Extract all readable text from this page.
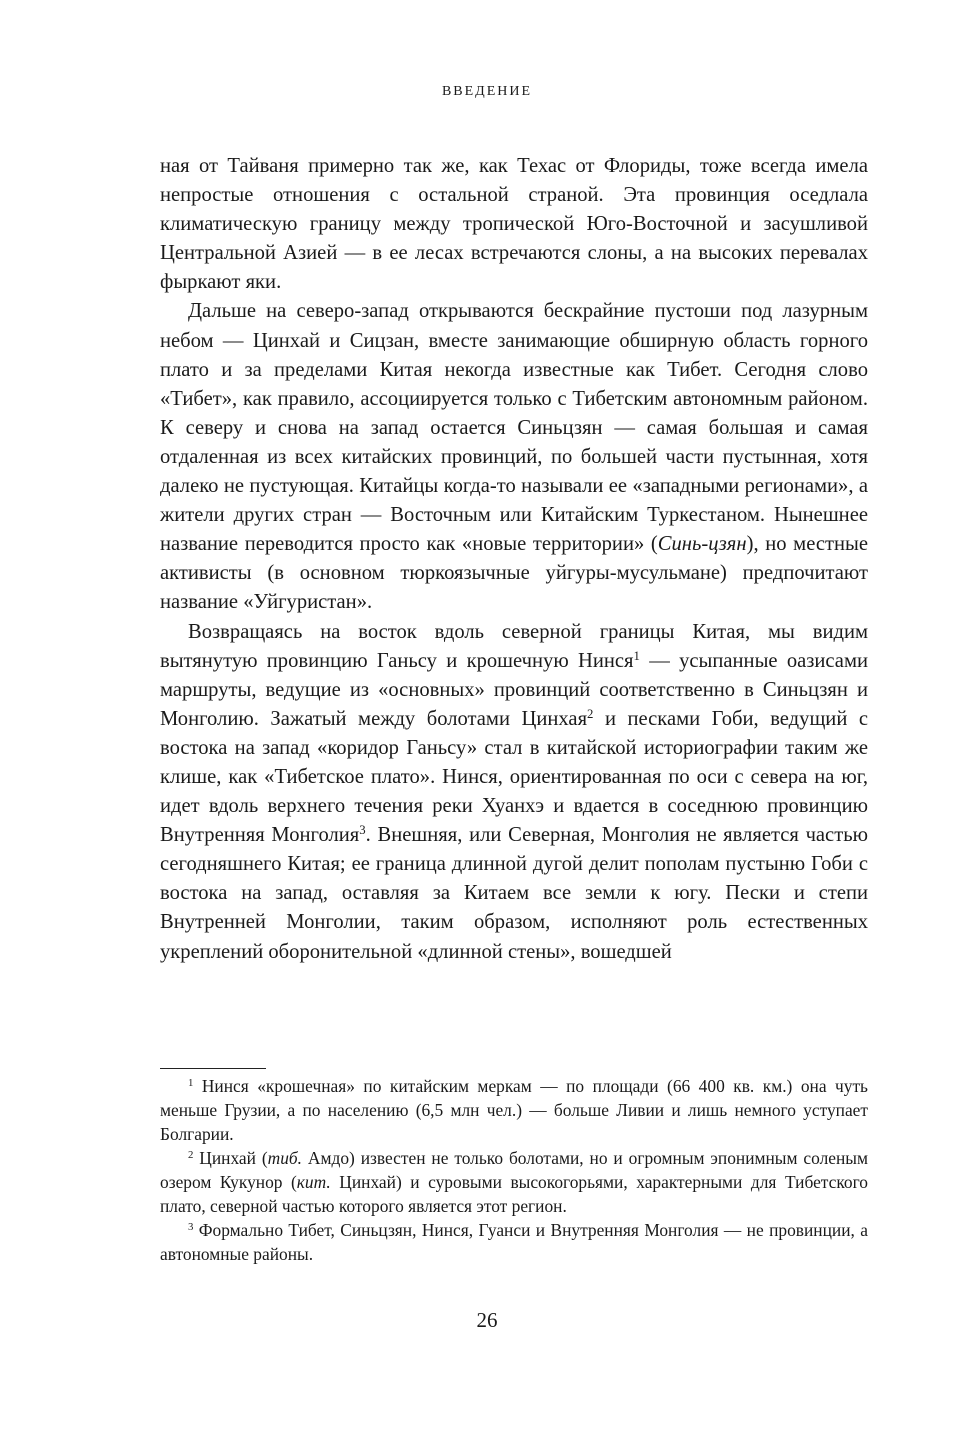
ВВЕДЕНИЕ

ная от Тайваня примерно так же, как Техас от Флориды, тоже всегда имела непростые отношения с остальной страной. Эта провинция оседлала климатическую границу между тропической Юго-Восточной и засушливой Центральной Азией — в ее лесах встречаются слоны, а на высоких перевалах фыркают яки.

Дальше на северо-запад открываются бескрайние пустоши под лазурным небом — Цинхай и Сицзан, вместе занимающие обширную область горного плато и за пределами Китая некогда известные как Тибет. Сегодня слово «Тибет», как правило, ассоциируется только с Тибетским автономным районом. К северу и снова на запад остается Синьцзян — самая большая и самая отдаленная из всех китайских провинций, по большей части пустынная, хотя далеко не пустующая. Китайцы когда-то называли ее «западными регионами», а жители других стран — Восточным или Китайским Туркестаном. Нынешнее название переводится просто как «новые территории» (Синь-цзян), но местные активисты (в основном тюркоязычные уйгуры-мусульмане) предпочитают название «Уйгуристан».

Возвращаясь на восток вдоль северной границы Китая, мы видим вытянутую провинцию Ганьсу и крошечную Нинся$^1$ — усыпанные оазисами маршруты, ведущие из «основных» провинций соответственно в Синьцзян и Монголию. Зажатый между болотами Цинхая$^2$ и песками Гоби, ведущий с востока на запад «коридор Ганьсу» стал в китайской историографии таким же клише, как «Тибетское плато». Нинся, ориентированная по оси с севера на юг, идет вдоль верхнего течения реки Хуанхэ и вдается в соседнюю провинцию Внутренняя Монголия$^3$. Внешняя, или Северная, Монголия не является частью сегодняшнего Китая; ее граница длинной дугой делит пополам пустыню Гоби с востока на запад, оставляя за Китаем все земли к югу. Пески и степи Внутренней Монголии, таким образом, исполняют роль естественных укреплений оборонительной «длинной стены», вошедшей

$^1$ Нинся «крошечная» по китайским меркам — по площади (66 400 кв. км.) она чуть меньше Грузии, а по населению (6,5 млн чел.) — больше Ливии и лишь немного уступает Болгарии.

$^2$ Цинхай (тиб. Амдо) известен не только болотами, но и огромным эпонимным соленым озером Кукунор (кит. Цинхай) и суровыми высокогорьями, характерными для Тибетского плато, северной частью которого является этот регион.

$^3$ Формально Тибет, Синьцзян, Нинся, Гуанси и Внутренняя Монголия — не провинции, а автономные районы.

26
